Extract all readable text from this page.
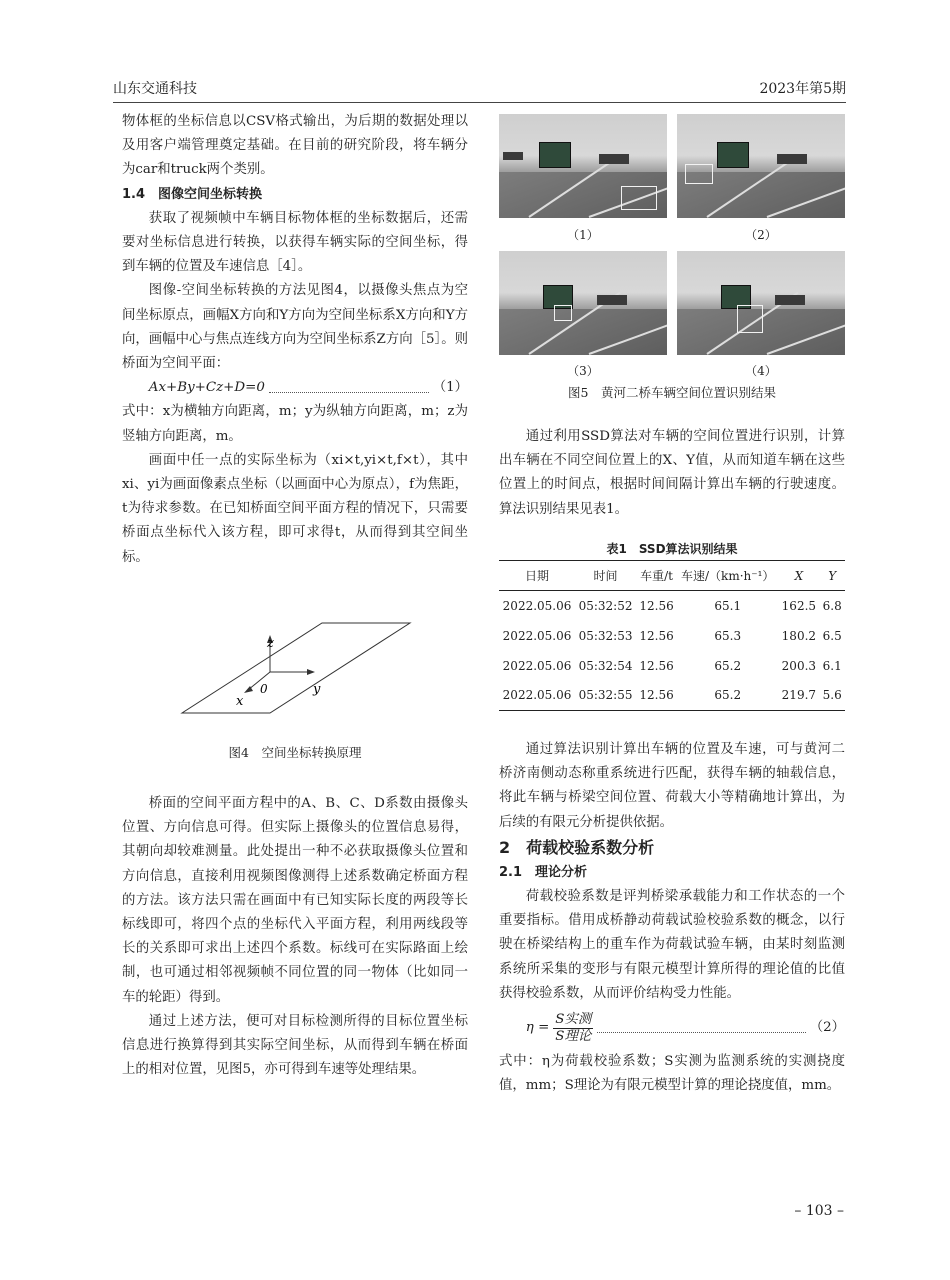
山东交通科技	2023年第5期

物体框的坐标信息以CSV格式输出，为后期的数据处理以及用客户端管理奠定基础。在目前的研究阶段，将车辆分为car和truck两个类别。

1.4　图像空间坐标转换

获取了视频帧中车辆目标物体框的坐标数据后，还需要对坐标信息进行转换，以获得车辆实际的空间坐标，得到车辆的位置及车速信息［4］。

图像-空间坐标转换的方法见图4，以摄像头焦点为空间坐标原点，画幅X方向和Y方向为空间坐标系X方向和Y方向，画幅中心与焦点连线方向为空间坐标系Z方向［5］。则桥面为空间平面：

Ax+By+Cz+D=0	（1）

式中：x为横轴方向距离，m；y为纵轴方向距离，m；z为竖轴方向距离，m。

画面中任一点的实际坐标为（xi×t,yi×t,f×t），其中xi、yi为画面像素点坐标（以画面中心为原点），f为焦距，t为待求参数。在已知桥面空间平面方程的情况下，只需要桥面点坐标代入该方程，即可求得t，从而得到其空间坐标。

z
y
x
0
图4　空间坐标转换原理

桥面的空间平面方程中的A、B、C、D系数由摄像头位置、方向信息可得。但实际上摄像头的位置信息易得，其朝向却较难测量。此处提出一种不必获取摄像头位置和方向信息，直接利用视频图像测得上述系数确定桥面方程的方法。该方法只需在画面中有已知实际长度的两段等长标线即可，将四个点的坐标代入平面方程，利用两线段等长的关系即可求出上述四个系数。标线可在实际路面上绘制，也可通过相邻视频帧不同位置的同一物体（比如同一车的轮距）得到。

通过上述方法，便可对目标检测所得的目标位置坐标信息进行换算得到其实际空间坐标，从而得到车辆在桥面上的相对位置，见图5，亦可得到车速等处理结果。

（1）	（2）
（3）	（4）
图5　黄河二桥车辆空间位置识别结果

通过利用SSD算法对车辆的空间位置进行识别，计算出车辆在不同空间位置上的X、Y值，从而知道车辆在这些位置上的时间点，根据时间间隔计算出车辆的行驶速度。算法识别结果见表1。

表1　SSD算法识别结果
日期	时间	车重/t	车速/（km·h⁻¹）	X	Y
2022.05.06	05:32:52	12.56	65.1	162.5	6.8
2022.05.06	05:32:53	12.56	65.3	180.2	6.5
2022.05.06	05:32:54	12.56	65.2	200.3	6.1
2022.05.06	05:32:55	12.56	65.2	219.7	5.6

通过算法识别计算出车辆的位置及车速，可与黄河二桥济南侧动态称重系统进行匹配，获得车辆的轴载信息，将此车辆与桥梁空间位置、荷载大小等精确地计算出，为后续的有限元分析提供依据。

2　荷载校验系数分析

2.1　理论分析

荷载校验系数是评判桥梁承载能力和工作状态的一个重要指标。借用成桥静动荷载试验校验系数的概念，以行驶在桥梁结构上的重车作为荷载试验车辆，由某时刻监测系统所采集的变形与有限元模型计算所得的理论值的比值获得校验系数，从而评价结构受力性能。

η =
S实测
S理论
（2）

式中：η为荷载校验系数；S实测为监测系统的实测挠度值，mm；S理论为有限元模型计算的理论挠度值，mm。

– 103 –
